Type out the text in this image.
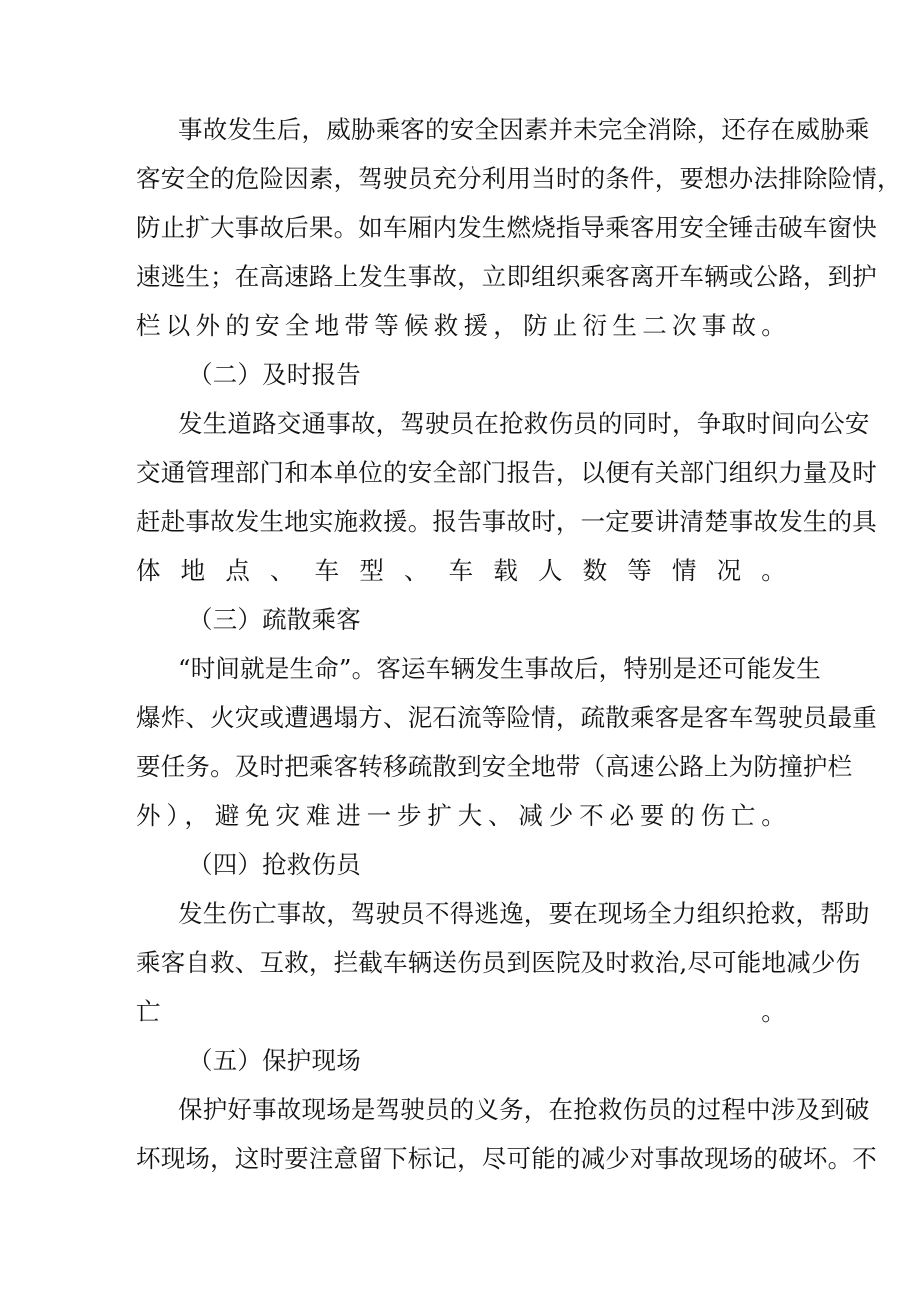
事故发生后，威胁乘客的安全因素并未完全消除，还存在威胁乘
客安全的危险因素，驾驶员充分利用当时的条件，要想办法排除险情，
防止扩大事故后果。如车厢内发生燃烧指导乘客用安全锤击破车窗快
速逃生；在高速路上发生事故，立即组织乘客离开车辆或公路，到护
栏以外的安全地带等候救援，防止衍生二次事故。
（二）及时报告
发生道路交通事故，驾驶员在抢救伤员的同时，争取时间向公安
交通管理部门和本单位的安全部门报告，以便有关部门组织力量及时
赶赴事故发生地实施救援。报告事故时，一定要讲清楚事故发生的具
体地点、车型、车载人数等情况。
（三）疏散乘客
“时间就是生命”。客运车辆发生事故后，特别是还可能发生
爆炸、火灾或遭遇塌方、泥石流等险情，疏散乘客是客车驾驶员最重
要任务。及时把乘客转移疏散到安全地带（高速公路上为防撞护栏
外），避免灾难进一步扩大、减少不必要的伤亡。
（四）抢救伤员
发生伤亡事故，驾驶员不得逃逸，要在现场全力组织抢救，帮助
乘客自救、互救，拦截车辆送伤员到医院及时救治,尽可能地减少伤
亡。
（五）保护现场
保护好事故现场是驾驶员的义务，在抢救伤员的过程中涉及到破
坏现场，这时要注意留下标记，尽可能的减少对事故现场的破坏。不
